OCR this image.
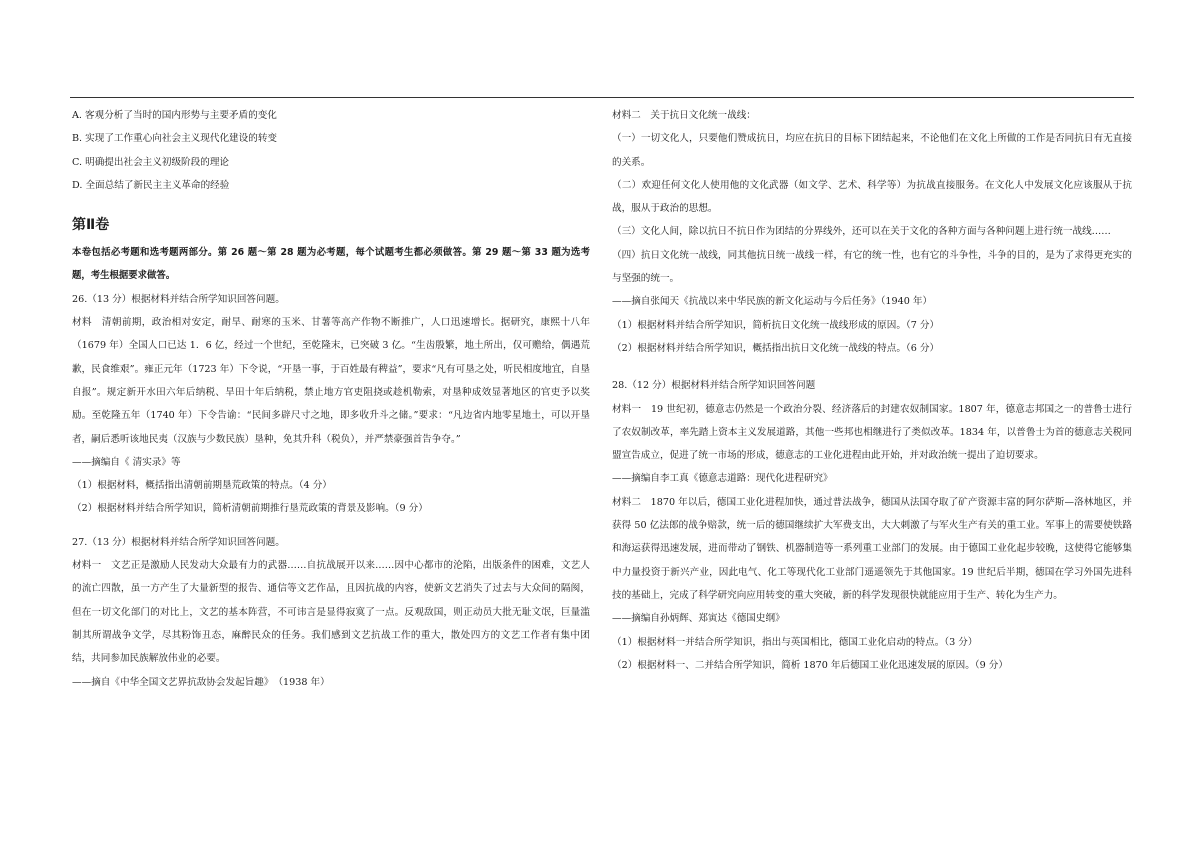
A. 客观分析了当时的国内形势与主要矛盾的变化

B. 实现了工作重心向社会主义现代化建设的转变

C. 明确提出社会主义初级阶段的理论

D. 全面总结了新民主主义革命的经验

第Ⅱ卷

本卷包括必考题和选考题两部分。第 26 题～第 28 题为必考题，每个试题考生都必须做答。第 29 题～第 33 题为选考题，考生根据要求做答。

26.（13 分）根据材料并结合所学知识回答问题。

材料　清朝前期，政治相对安定，耐旱、耐寒的玉米、甘薯等高产作物不断推广，人口迅速增长。据研究，康熙十八年（1679 年）全国人口已达 1．6 亿，经过一个世纪，至乾隆末，已突破 3 亿。“生齿殷繁，地土所出，仅可赡给，偶遇荒歉，民食维艰”。雍正元年（1723 年）下令说，“开垦一事，于百姓最有稗益”，要求“凡有可垦之处，听民相度地宜，自垦自报”。规定新开水田六年后纳税、旱田十年后纳税，禁止地方官吏阻挠或趁机勒索，对垦种成效显著地区的官吏予以奖励。至乾隆五年（1740 年）下令告谕：“民间多辟尺寸之地，即多收升斗之储。”要求：“凡边省内地零星地土，可以开垦者，嗣后悉听该地民夷（汉族与少数民族）垦种，免其升科（税负），并严禁豪强首告争夺。”

——摘编自《 清实录》等

（1）根据材料，概括指出清朝前期垦荒政策的特点。（4 分）

（2）根据材料并结合所学知识，简析清朝前期推行垦荒政策的背景及影响。（9 分）

27.（13 分）根据材料并结合所学知识回答问题。

材料一　文艺正是激励人民发动大众最有力的武器……自抗战展开以来……因中心都市的沦陷，出版条件的困难，文艺人的流亡四散，虽一方产生了大量新型的报告、通信等文艺作品，且因抗战的内容，使新文艺消失了过去与大众间的隔阂，但在一切文化部门的对比上，文艺的基本阵营，不可讳言是显得寂寞了一点。反观敌国，则正动员大批无耻文氓，巨量滥制其所谓战争文学，尽其粉饰丑态，麻醉民众的任务。我们感到文艺抗战工作的重大，散处四方的文艺工作者有集中团结，共同参加民族解放伟业的必要。

——摘自《中华全国文艺界抗敌协会发起旨趣》　（1938 年）

材料二　关于抗日文化统一战线：

（一）一切文化人，只要他们赞成抗日，均应在抗日的目标下团结起来，不论他们在文化上所做的工作是否同抗日有无直接的关系。

（二）欢迎任何文化人使用他的文化武器（如文学、艺术、科学等）为抗战直接服务。在文化人中发展文化应该服从于抗战，服从于政治的思想。

（三）文化人间，除以抗日不抗日作为团结的分界线外，还可以在关于文化的各种方面与各种问题上进行统一战线……

（四）抗日文化统一战线，同其他抗日统一战线一样，有它的统一性，也有它的斗争性，斗争的目的，是为了求得更充实的与坚强的统一。

——摘自张闻天《抗战以来中华民族的新文化运动与今后任务》（1940 年）

（1）根据材料并结合所学知识，简析抗日文化统一战线形成的原因。（7 分）

（2）根据材料并结合所学知识，概括指出抗日文化统一战线的特点。（6 分）

28.（12 分）根据材料并结合所学知识回答问题

材料一　19 世纪初，德意志仍然是一个政治分裂、经济落后的封建农奴制国家。1807 年，德意志邦国之一的普鲁士进行了农奴制改革，率先踏上资本主义发展道路，其他一些邦也相继进行了类似改革。1834 年，以普鲁士为首的德意志关税同盟宣告成立，促进了统一市场的形成，德意志的工业化进程由此开始，并对政治统一提出了迫切要求。

——摘编自李工真《德意志道路：现代化进程研究》

材料二　1870 年以后，德国工业化进程加快，通过普法战争，德国从法国夺取了矿产资源丰富的阿尔萨斯—洛林地区，并获得 50 亿法郎的战争赔款，统一后的德国继续扩大军费支出，大大刺激了与军火生产有关的重工业。军事上的需要使铁路和海运获得迅速发展，进而带动了钢铁、机器制造等一系列重工业部门的发展。由于德国工业化起步较晚，这使得它能够集中力量投资于新兴产业，因此电气、化工等现代化工业部门遥遥领先于其他国家。19 世纪后半期，德国在学习外国先进科技的基础上，完成了科学研究向应用转变的重大突破，新的科学发现很快就能应用于生产、转化为生产力。

——摘编自孙炳辉、郑寅达《德国史纲》

（1）根据材料一并结合所学知识，指出与英国相比，德国工业化启动的特点。（3 分）

（2）根据材料一、二并结合所学知识，简析 1870 年后德国工业化迅速发展的原因。（9 分）
